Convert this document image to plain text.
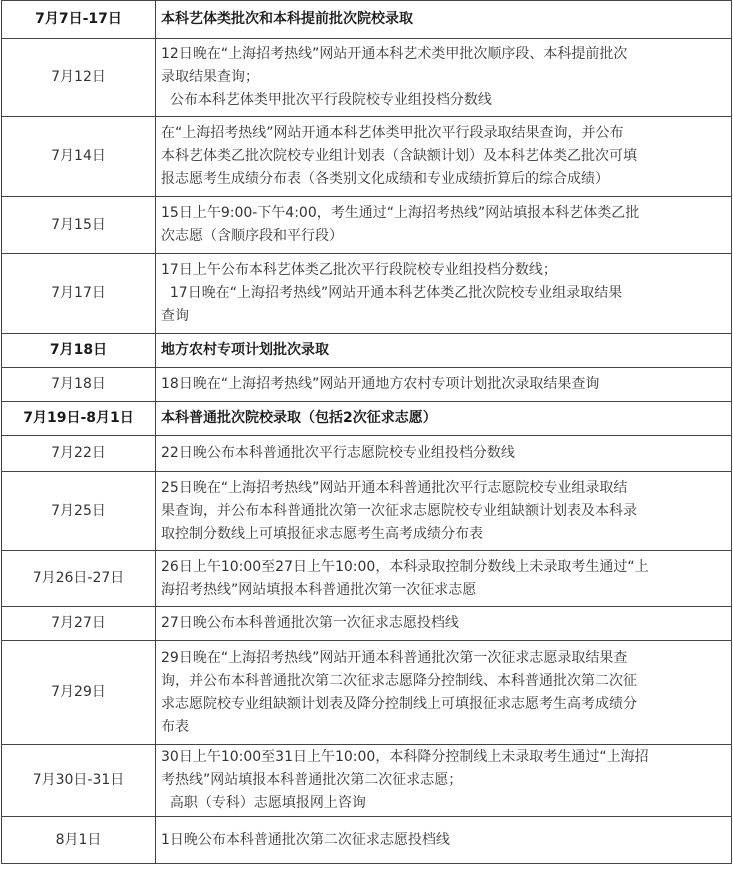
7月7日-17日	本科艺体类批次和本科提前批次院校录取

7月12日	12日晚在“上海招考热线”网站开通本科艺术类甲批次顺序段、本科提前批次
录取结果查询；
公布本科艺体类甲批次平行段院校专业组投档分数线

7月14日	在“上海招考热线”网站开通本科艺体类甲批次平行段录取结果查询，并公布
本科艺体类乙批次院校专业组计划表（含缺额计划）及本科艺体类乙批次可填
报志愿考生成绩分布表（各类别文化成绩和专业成绩折算后的综合成绩）

7月15日	15日上午9:00-下午4:00，考生通过“上海招考热线”网站填报本科艺体类乙批
次志愿（含顺序段和平行段）

7月17日	17日上午公布本科艺体类乙批次平行段院校专业组投档分数线；
17日晚在“上海招考热线”网站开通本科艺体类乙批次院校专业组录取结果
查询

7月18日	地方农村专项计划批次录取

7月18日	18日晚在“上海招考热线”网站开通地方农村专项计划批次录取结果查询

7月19日-8月1日	本科普通批次院校录取（包括2次征求志愿）

7月22日	22日晚公布本科普通批次平行志愿院校专业组投档分数线

7月25日	25日晚在“上海招考热线”网站开通本科普通批次平行志愿院校专业组录取结
果查询，并公布本科普通批次第一次征求志愿院校专业组缺额计划表及本科录
取控制分数线上可填报征求志愿考生高考成绩分布表

7月26日-27日	26日上午10:00至27日上午10:00，本科录取控制分数线上未录取考生通过“上
海招考热线”网站填报本科普通批次第一次征求志愿

7月27日	27日晚公布本科普通批次第一次征求志愿投档线

7月29日	29日晚在“上海招考热线”网站开通本科普通批次第一次征求志愿录取结果查
询，并公布本科普通批次第二次征求志愿降分控制线、本科普通批次第二次征
求志愿院校专业组缺额计划表及降分控制线上可填报征求志愿考生高考成绩分
布表

7月30日-31日	30日上午10:00至31日上午10:00，本科降分控制线上未录取考生通过“上海招
考热线”网站填报本科普通批次第二次征求志愿；
高职（专科）志愿填报网上咨询

8月1日	1日晚公布本科普通批次第二次征求志愿投档线
